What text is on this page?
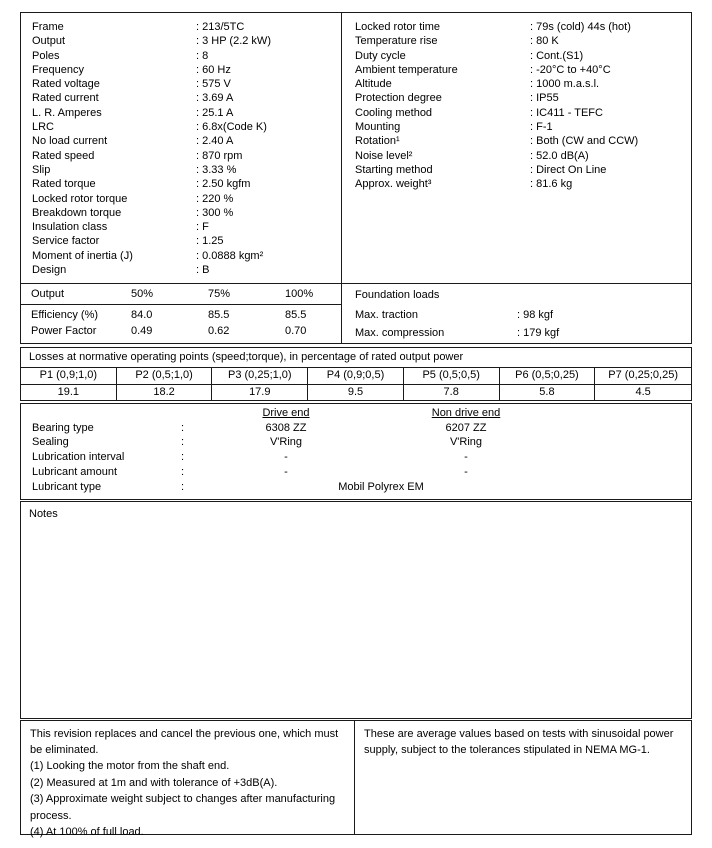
Frame	: 213/5TC
Output	: 3 HP (2.2 kW)
Poles	: 8
Frequency	: 60 Hz
Rated voltage	: 575 V
Rated current	: 3.69 A
L. R. Amperes	: 25.1 A
LRC	: 6.8x(Code K)
No load current	: 2.40 A
Rated speed	: 870 rpm
Slip	: 3.33 %
Rated torque	: 2.50 kgfm
Locked rotor torque	: 220 %
Breakdown torque	: 300 %
Insulation class	: F
Service factor	: 1.25
Moment of inertia (J)	: 0.0888 kgm²
Design	: B
Locked rotor time	: 79s (cold) 44s (hot)
Temperature rise	: 80 K
Duty cycle	: Cont.(S1)
Ambient temperature	: -20°C to +40°C
Altitude	: 1000 m.a.s.l.
Protection degree	: IP55
Cooling method	: IC411 - TEFC
Mounting	: F-1
Rotation¹	: Both (CW and CCW)
Noise level²	: 52.0 dB(A)
Starting method	: Direct On Line
Approx. weight³	: 81.6 kg
Output	50%	75%	100%
Efficiency (%)	84.0	85.5	85.5
Power Factor	0.49	0.62	0.70
Foundation loads
Max. traction	: 98 kgf
Max. compression	: 179 kgf
Losses at normative operating points (speed;torque), in percentage of rated output power
P1 (0,9;1,0)	P2 (0,5;1,0)	P3 (0,25;1,0)	P4 (0,9;0,5)	P5 (0,5;0,5)	P6 (0,5;0,25)	P7 (0,25;0,25)
19.1	18.2	17.9	9.5	7.8	5.8	4.5
Drive end	Non drive end
Bearing type	:	6308 ZZ	6207 ZZ
Sealing	:	V'Ring	V'Ring
Lubrication interval	:	-	-
Lubricant amount	:	-	-
Lubricant type	:	Mobil Polyrex EM
Notes
This revision replaces and cancel the previous one, which must be eliminated.
(1) Looking the motor from the shaft end.
(2) Measured at 1m and with tolerance of +3dB(A).
(3) Approximate weight subject to changes after manufacturing process.
(4) At 100% of full load.
These are average values based on tests with sinusoidal power supply, subject to the tolerances stipulated in NEMA MG-1.
